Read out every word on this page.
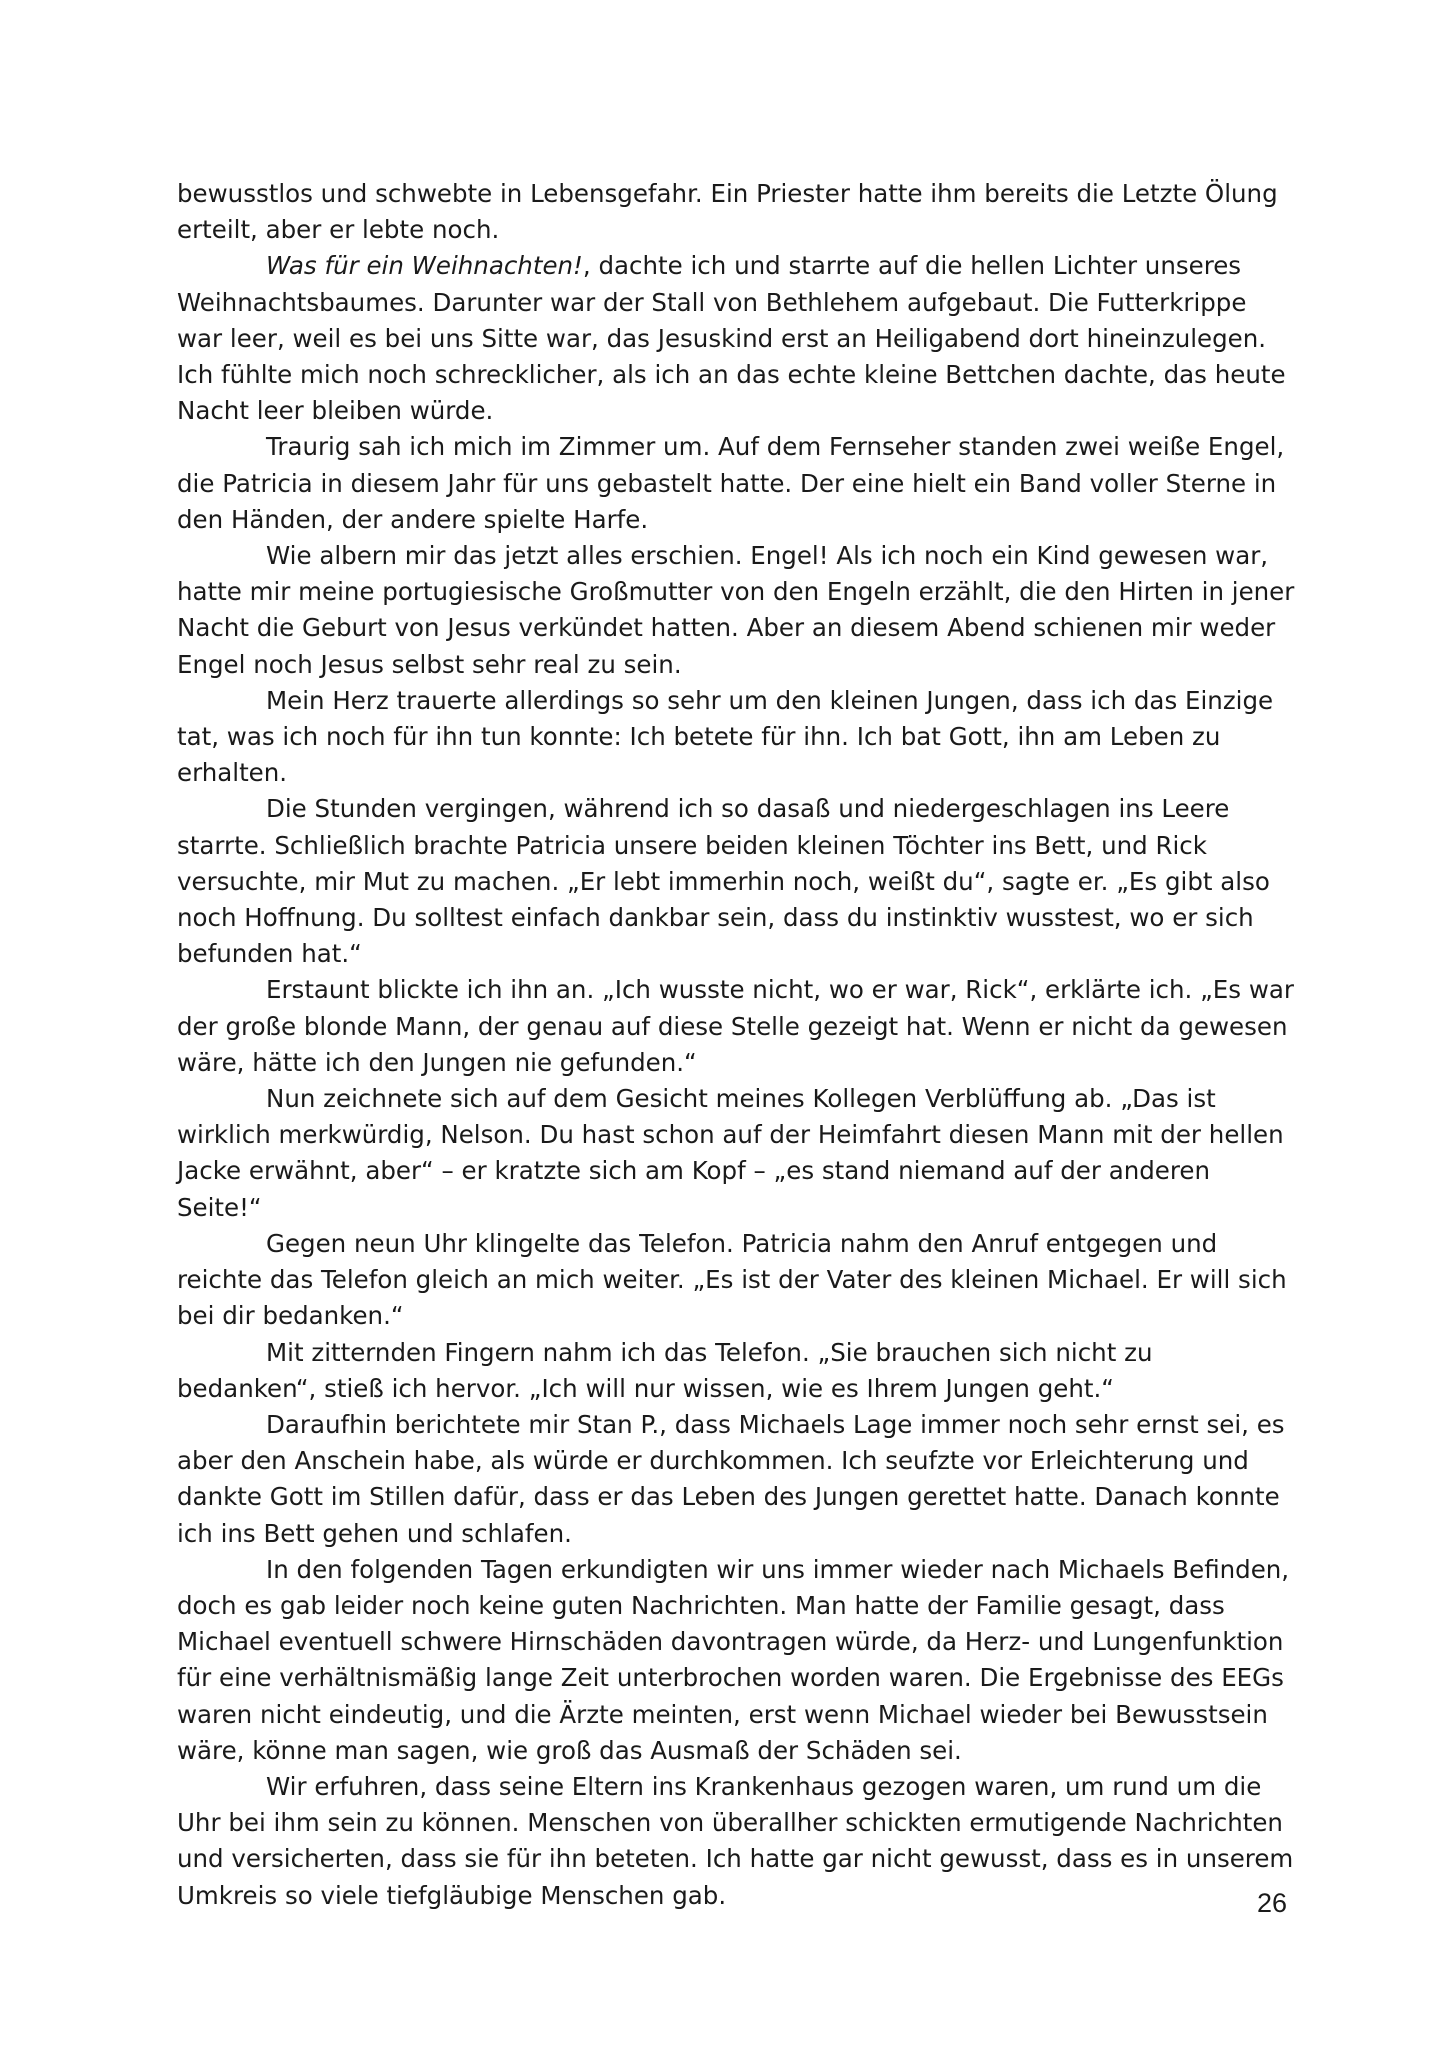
bewusstlos und schwebte in Lebensgefahr. Ein Priester hatte ihm bereits die Letzte Ölung erteilt, aber er lebte noch.

Was für ein Weihnachten!, dachte ich und starrte auf die hellen Lichter unseres Weihnachtsbaumes. Darunter war der Stall von Bethlehem aufgebaut. Die Futterkrippe war leer, weil es bei uns Sitte war, das Jesuskind erst an Heiligabend dort hineinzulegen. Ich fühlte mich noch schrecklicher, als ich an das echte kleine Bettchen dachte, das heute Nacht leer bleiben würde.

Traurig sah ich mich im Zimmer um. Auf dem Fernseher standen zwei weiße Engel, die Patricia in diesem Jahr für uns gebastelt hatte. Der eine hielt ein Band voller Sterne in den Händen, der andere spielte Harfe.

Wie albern mir das jetzt alles erschien. Engel! Als ich noch ein Kind gewesen war, hatte mir meine portugiesische Großmutter von den Engeln erzählt, die den Hirten in jener Nacht die Geburt von Jesus verkündet hatten. Aber an diesem Abend schienen mir weder Engel noch Jesus selbst sehr real zu sein.

Mein Herz trauerte allerdings so sehr um den kleinen Jungen, dass ich das Einzige tat, was ich noch für ihn tun konnte: Ich betete für ihn. Ich bat Gott, ihn am Leben zu erhalten.

Die Stunden vergingen, während ich so dasaß und niedergeschlagen ins Leere starrte. Schließlich brachte Patricia unsere beiden kleinen Töchter ins Bett, und Rick versuchte, mir Mut zu machen. „Er lebt immerhin noch, weißt du“, sagte er. „Es gibt also noch Hoffnung. Du solltest einfach dankbar sein, dass du instinktiv wusstest, wo er sich befunden hat.“

Erstaunt blickte ich ihn an. „Ich wusste nicht, wo er war, Rick“, erklärte ich. „Es war der große blonde Mann, der genau auf diese Stelle gezeigt hat. Wenn er nicht da gewesen wäre, hätte ich den Jungen nie gefunden.“

Nun zeichnete sich auf dem Gesicht meines Kollegen Verblüffung ab. „Das ist wirklich merkwürdig, Nelson. Du hast schon auf der Heimfahrt diesen Mann mit der hellen Jacke erwähnt, aber“ – er kratzte sich am Kopf – „es stand niemand auf der anderen Seite!“

Gegen neun Uhr klingelte das Telefon. Patricia nahm den Anruf entgegen und reichte das Telefon gleich an mich weiter. „Es ist der Vater des kleinen Michael. Er will sich bei dir bedanken.“

Mit zitternden Fingern nahm ich das Telefon. „Sie brauchen sich nicht zu bedanken“, stieß ich hervor. „Ich will nur wissen, wie es Ihrem Jungen geht.“

Daraufhin berichtete mir Stan P., dass Michaels Lage immer noch sehr ernst sei, es aber den Anschein habe, als würde er durchkommen. Ich seufzte vor Erleichterung und dankte Gott im Stillen dafür, dass er das Leben des Jungen gerettet hatte. Danach konnte ich ins Bett gehen und schlafen.

In den folgenden Tagen erkundigten wir uns immer wieder nach Michaels Befinden, doch es gab leider noch keine guten Nachrichten. Man hatte der Familie gesagt, dass Michael eventuell schwere Hirnschäden davontragen würde, da Herz- und Lungenfunktion für eine verhältnismäßig lange Zeit unterbrochen worden waren. Die Ergebnisse des EEGs waren nicht eindeutig, und die Ärzte meinten, erst wenn Michael wieder bei Bewusstsein wäre, könne man sagen, wie groß das Ausmaß der Schäden sei.

Wir erfuhren, dass seine Eltern ins Krankenhaus gezogen waren, um rund um die Uhr bei ihm sein zu können. Menschen von überallher schickten ermutigende Nachrichten und versicherten, dass sie für ihn beteten. Ich hatte gar nicht gewusst, dass es in unserem Umkreis so viele tiefgläubige Menschen gab.	26
